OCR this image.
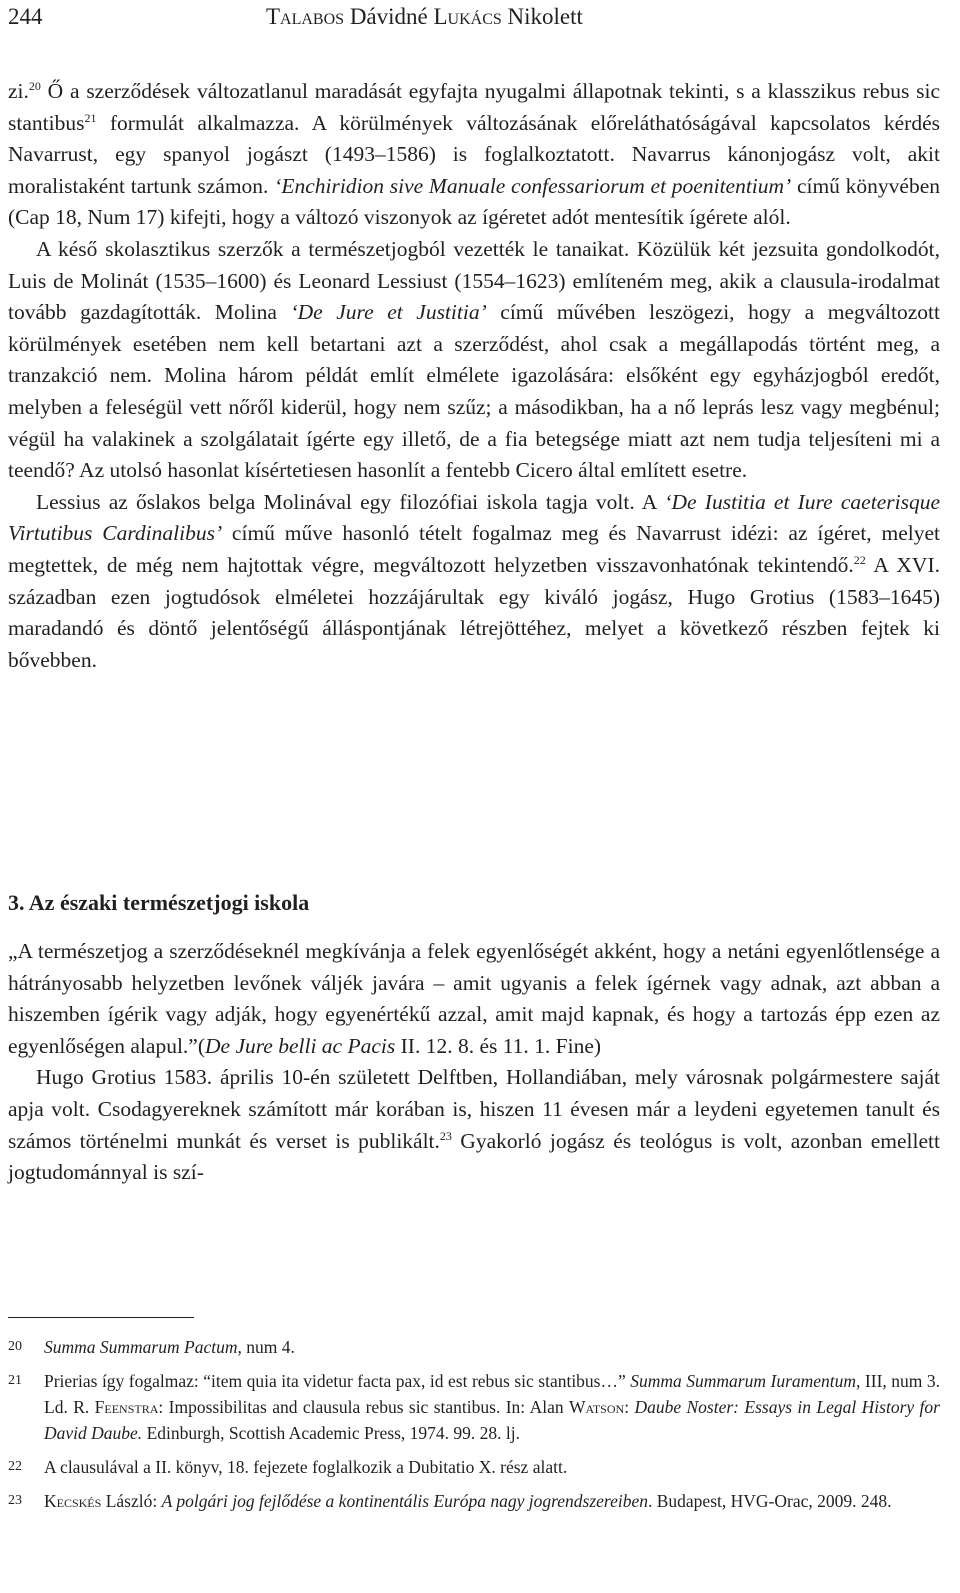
244	Talabos Dávidné Lukács Nikolett

zi.$^{20}$ Ő a szerződések változatlanul maradását egyfajta nyugalmi állapotnak tekinti, s a klasszikus rebus sic stantibus$^{21}$ formulát alkalmazza. A körülmények változásának előreláthatóságával kapcsolatos kérdés Navarrust, egy spanyol jogászt (1493–1586) is foglalkoztatott. Navarrus kánonjogász volt, akit moralistaként tartunk számon. ‘Enchiridion sive Manuale confessariorum et poenitentium’ című könyvében (Cap 18, Num 17) kifejti, hogy a változó viszonyok az ígéretet adót mentesítik ígérete alól.

A késő skolasztikus szerzők a természetjogból vezették le tanaikat. Közülük két jezsuita gondolkodót, Luis de Molinát (1535–1600) és Leonard Lessiust (1554–1623) említeném meg, akik a clausula-irodalmat tovább gazdagították. Molina ‘De Jure et Justitia’ című művében leszögezi, hogy a megváltozott körülmények esetében nem kell betartani azt a szerződést, ahol csak a megállapodás történt meg, a tranzakció nem. Molina három példát említ elmélete igazolására: elsőként egy egyházjogból eredőt, melyben a feleségül vett nőről kiderül, hogy nem szűz; a másodikban, ha a nő leprás lesz vagy megbénul; végül ha valakinek a szolgálatait ígérte egy illető, de a fia betegsége miatt azt nem tudja teljesíteni mi a teendő? Az utolsó hasonlat kísértetiesen hasonlít a fentebb Cicero által említett esetre.

Lessius az őslakos belga Molinával egy filozófiai iskola tagja volt. A ‘De Iustitia et Iure caeterisque Virtutibus Cardinalibus’ című műve hasonló tételt fogalmaz meg és Navarrust idézi: az ígéret, melyet megtettek, de még nem hajtottak végre, megváltozott helyzetben visszavonhatónak tekintendő.$^{22}$ A XVI. században ezen jogtudósok elméletei hozzájárultak egy kiváló jogász, Hugo Grotius (1583–1645) maradandó és döntő jelentőségű álláspontjának létrejöttéhez, melyet a következő részben fejtek ki bővebben.

3. Az északi természetjogi iskola

„A természetjog a szerződéseknél megkívánja a felek egyenlőségét akként, hogy a netáni egyenlőtlensége a hátrányosabb helyzetben levőnek váljék javára – amit ugyanis a felek ígérnek vagy adnak, azt abban a hiszemben ígérik vagy adják, hogy egyenértékű azzal, amit majd kapnak, és hogy a tartozás épp ezen az egyenlőségen alapul.”(De Jure belli ac Pacis II. 12. 8. és 11. 1. Fine)

Hugo Grotius 1583. április 10-én született Delftben, Hollandiában, mely városnak polgármestere saját apja volt. Csodagyereknek számított már korában is, hiszen 11 évesen már a leydeni egyetemen tanult és számos történelmi munkát és verset is publikált.$^{23}$ Gyakorló jogász és teológus is volt, azonban emellett jogtudománnyal is szí-

20 Summa Summarum Pactum, num 4.

21 Prierias így fogalmaz: “item quia ita videtur facta pax, id est rebus sic stantibus…” Summa Summarum Iuramentum, III, num 3. Ld. R. Feenstra: Impossibilitas and clausula rebus sic stantibus. In: Alan Watson: Daube Noster: Essays in Legal History for David Daube. Edinburgh, Scottish Academic Press, 1974. 99. 28. lj.

22 A clausulával a II. könyv, 18. fejezete foglalkozik a Dubitatio X. rész alatt.

23 Kecskés László: A polgári jog fejlődése a kontinentális Európa nagy jogrendszereiben. Budapest, HVG-Orac, 2009. 248.
